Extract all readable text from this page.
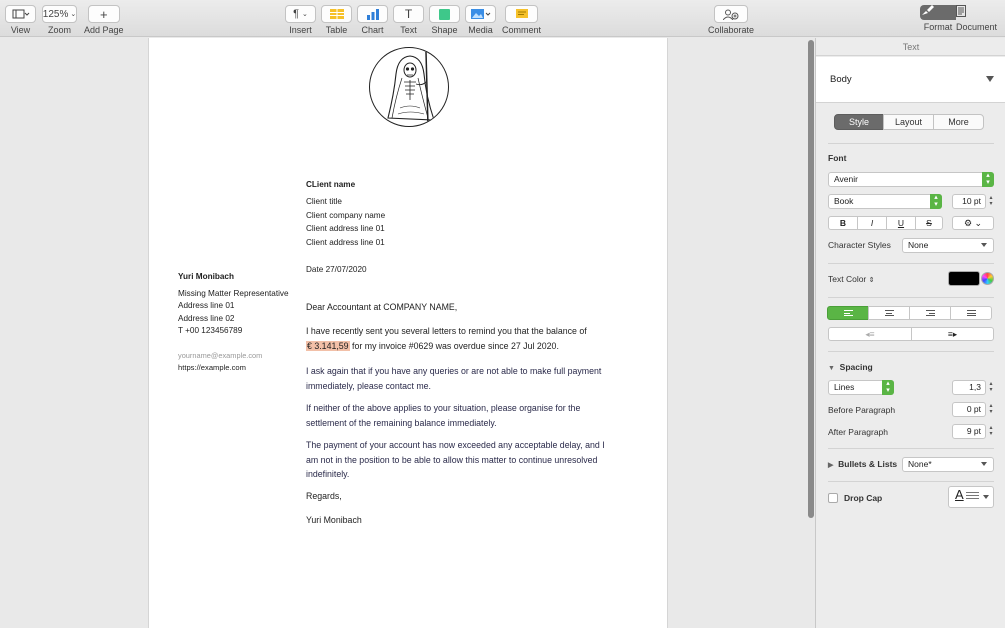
View
125% ⌄
Zoom
+
Add Page
¶ ⌄
Insert Table Chart
T
Text Shape Media Comment	Collaborate	Format Document
CLient name
Client title
Client company name
Client address line 01
Client address line 01
Date 27/07/2020
Yuri Monibach
Missing Matter Representative
Address line 01
Address line 02
T +00 123456789
yourname@example.com
https://example.com
Dear Accountant at COMPANY NAME,
I have recently sent you several letters to remind you that the balance of
€ 3.141,59 for my invoice #0629 was overdue since 27 Jul 2020.
I ask again that if you have any queries or are not able to make full payment immediately, please contact me.
If neither of the above applies to your situation, please organise for the settlement of the remaining balance immediately.
The payment of your account has now exceeded any acceptable delay, and I am not in the position to be able to allow this matter to continue unresolved indefinitely.
Regards,
Yuri Monibach
Text
Body
Style	Layout	More
Font
Avenir	▴
▾
Book	▴
▾	10 pt	▴
▾
B	I	U	S	⚙ ⌄
Character Styles	None
Text Color ⇕
◂≡	≡▸
▼ Spacing
Lines	▴
▾	1,3	▴
▾
Before Paragraph	0 pt	▴
▾
After Paragraph	9 pt	▴
▾
▶ Bullets & Lists	None*
Drop Cap	A
